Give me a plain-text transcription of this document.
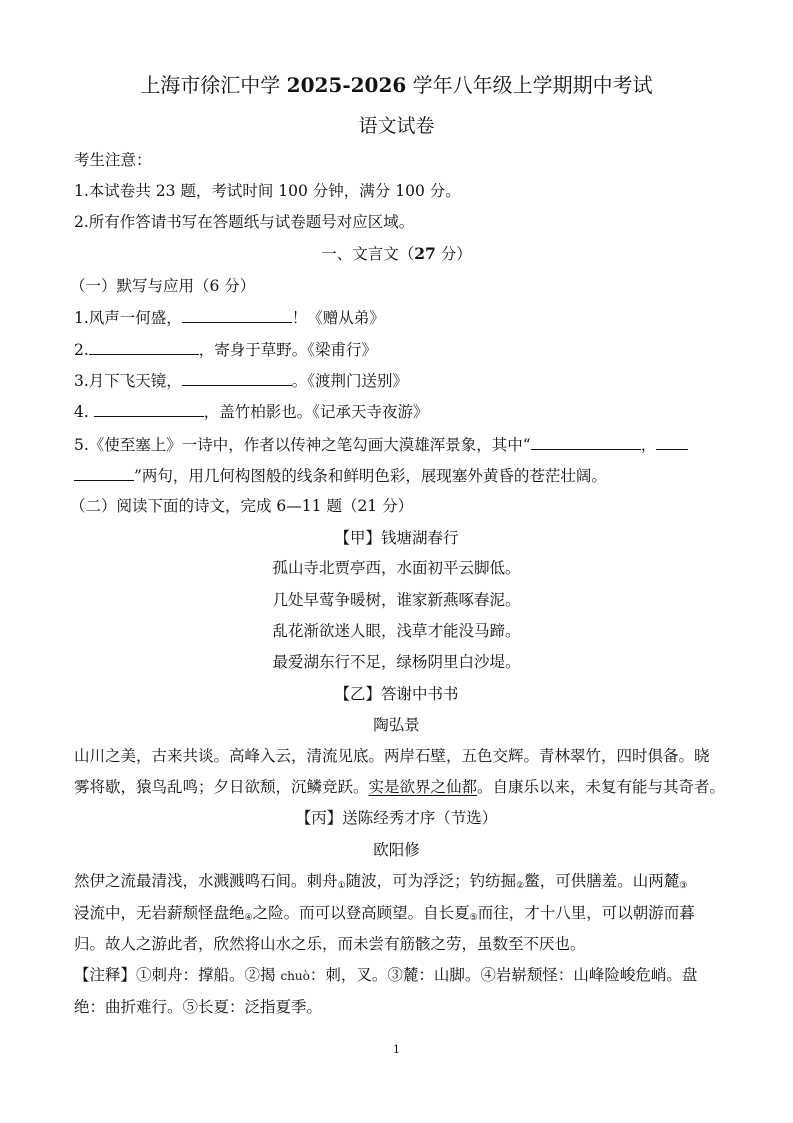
上海市徐汇中学 2025-2026 学年八年级上学期期中考试
语文试卷
考生注意：
1.本试卷共 23 题，考试时间 100 分钟，满分 100 分。
2.所有作答请书写在答题纸与试卷题号对应区域。
一、文言文（27 分）
（一）默写与应用（6 分）
1.风声一何盛，	！《赠从弟》
2.	，寄身于草野。《梁甫行》
3.月下飞天镜，	。《渡荆门送别》
4.	，盖竹柏影也。《记承天寺夜游》
5.《使至塞上》一诗中，作者以传神之笔勾画大漠雄浑景象，其中“	，
”两句，用几何构图般的线条和鲜明色彩，展现塞外黄昏的苍茫壮阔。
（二）阅读下面的诗文，完成 6—11 题（21 分）
【甲】钱塘湖春行
孤山寺北贾亭西，水面初平云脚低。
几处早莺争暖树，谁家新燕啄春泥。
乱花渐欲迷人眼，浅草才能没马蹄。
最爱湖东行不足，绿杨阴里白沙堤。
【乙】答谢中书书
陶弘景
山川之美，古来共谈。高峰入云，清流见底。两岸石壁，五色交辉。青林翠竹，四时俱备。晓
雾将歇，猿鸟乱鸣；夕日欲颓，沉鳞竞跃。实是欲界之仙都。自康乐以来，未复有能与其奇者。
【丙】送陈经秀才序（节选）
欧阳修
然伊之流最清浅，水溅溅鸣石间。刺舟①随波，可为浮泛；钓纺掘②鳖，可供膳羞。山两麓③
浸流中，无岩薪颓怪盘绝④之险。而可以登高顾望。自长夏⑤而往，才十八里，可以朝游而暮
归。故人之游此者，欣然将山水之乐，而未尝有筋骸之劳，虽数至不厌也。
【注释】①刺舟：撑船。②揭 chuò：刺，叉。③麓：山脚。④岩崭颓怪：山峰险峻危峭。盘
绝：曲折难行。⑤长夏：泛指夏季。
1
